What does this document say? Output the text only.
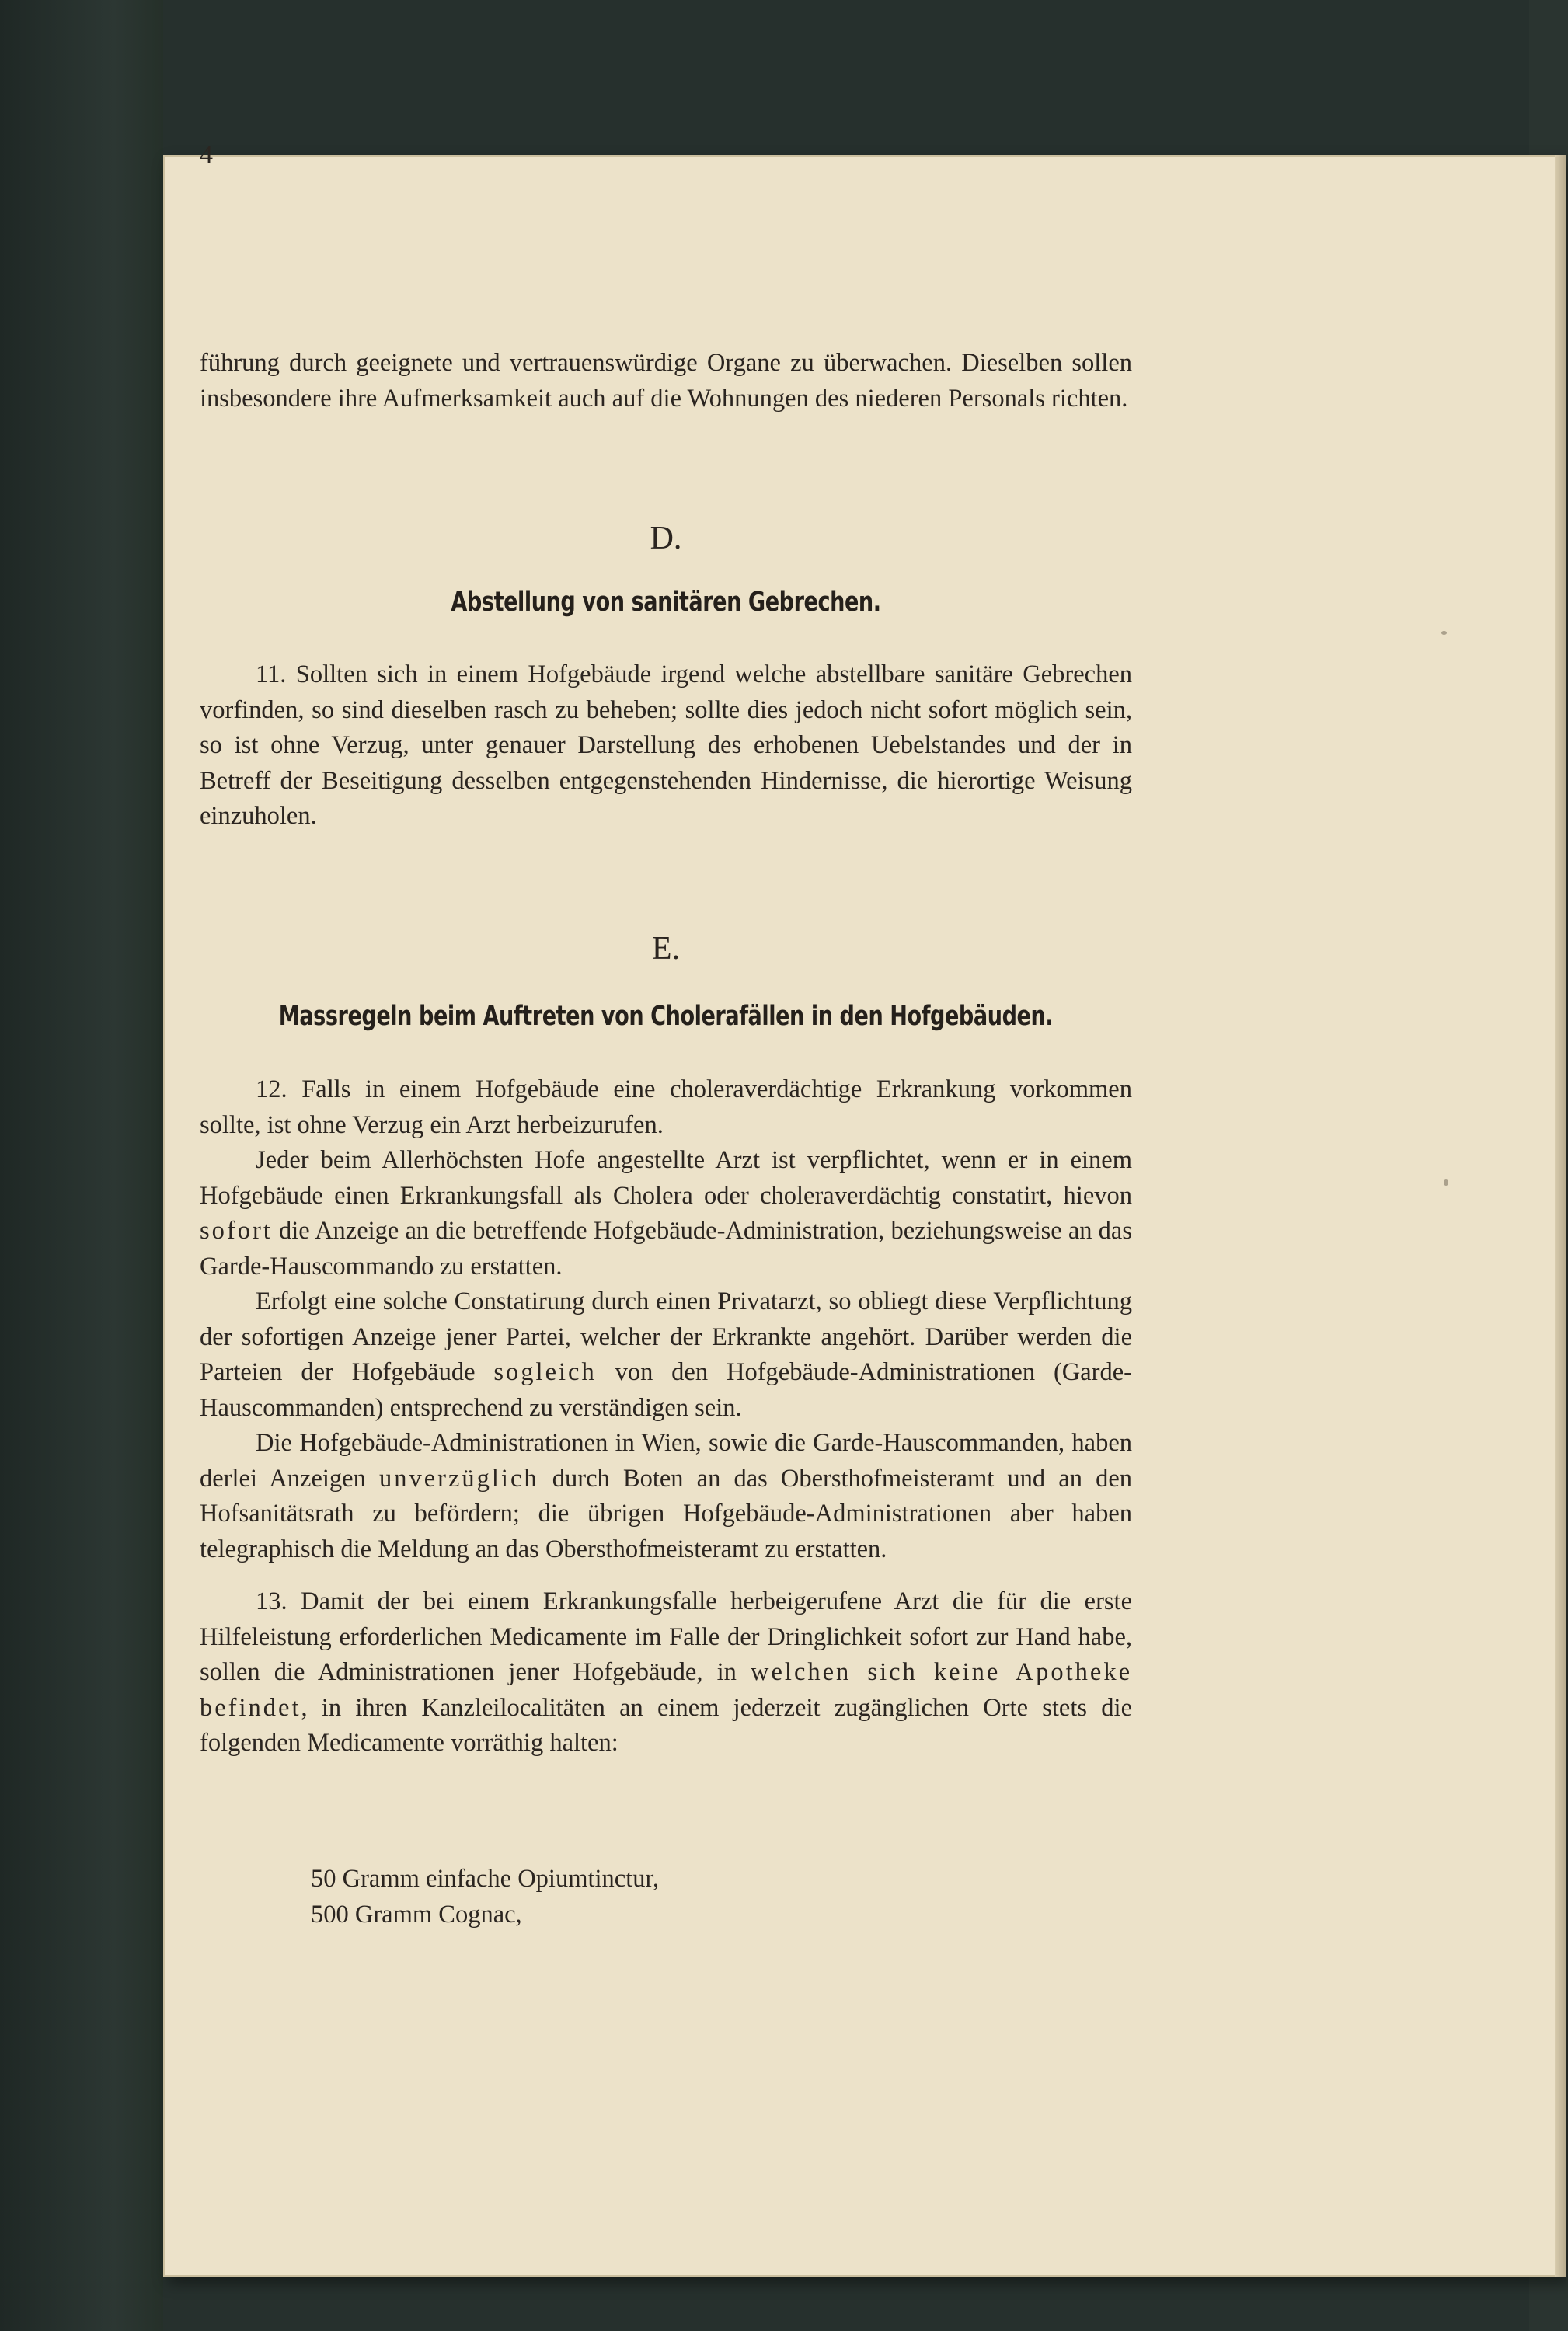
4

führung durch geeignete und vertrauenswürdige Organe zu überwachen. Dieselben sollen insbesondere ihre Aufmerksamkeit auch auf die Wohnungen des niederen Personals richten.

D.
Abstellung von sanitären Gebrechen.

11. Sollten sich in einem Hofgebäude irgend welche abstellbare sanitäre Gebrechen vorfinden, so sind dieselben rasch zu beheben; sollte dies jedoch nicht sofort möglich sein, so ist ohne Verzug, unter genauer Darstellung des erhobenen Uebelstandes und der in Betreff der Beseitigung desselben entgegenstehenden Hindernisse, die hierortige Weisung einzuholen.

E.
Massregeln beim Auftreten von Cholerafällen in den Hofgebäuden.

12. Falls in einem Hofgebäude eine choleraverdächtige Erkrankung vorkommen sollte, ist ohne Verzug ein Arzt herbeizurufen.

Jeder beim Allerhöchsten Hofe angestellte Arzt ist verpflichtet, wenn er in einem Hofgebäude einen Erkrankungsfall als Cholera oder choleraverdächtig constatirt, hievon sofort die Anzeige an die betreffende Hofgebäude-Administration, beziehungsweise an das Garde-Hauscommando zu erstatten.

Erfolgt eine solche Constatirung durch einen Privatarzt, so obliegt diese Verpflichtung der sofortigen Anzeige jener Partei, welcher der Erkrankte angehört. Darüber werden die Parteien der Hofgebäude sogleich von den Hofgebäude-Administrationen (Garde-Hauscommanden) entsprechend zu verständigen sein.

Die Hofgebäude-Administrationen in Wien, sowie die Garde-Hauscommanden, haben derlei Anzeigen unverzüglich durch Boten an das Obersthofmeisteramt und an den Hofsanitätsrath zu befördern; die übrigen Hofgebäude-Administrationen aber haben telegraphisch die Meldung an das Obersthofmeisteramt zu erstatten.

13. Damit der bei einem Erkrankungsfalle herbeigerufene Arzt die für die erste Hilfeleistung erforderlichen Medicamente im Falle der Dringlichkeit sofort zur Hand habe, sollen die Administrationen jener Hofgebäude, in welchen sich keine Apotheke befindet, in ihren Kanzleilocalitäten an einem jederzeit zugänglichen Orte stets die folgenden Medicamente vorräthig halten:

50 Gramm einfache Opiumtinctur,
500 Gramm Cognac,
